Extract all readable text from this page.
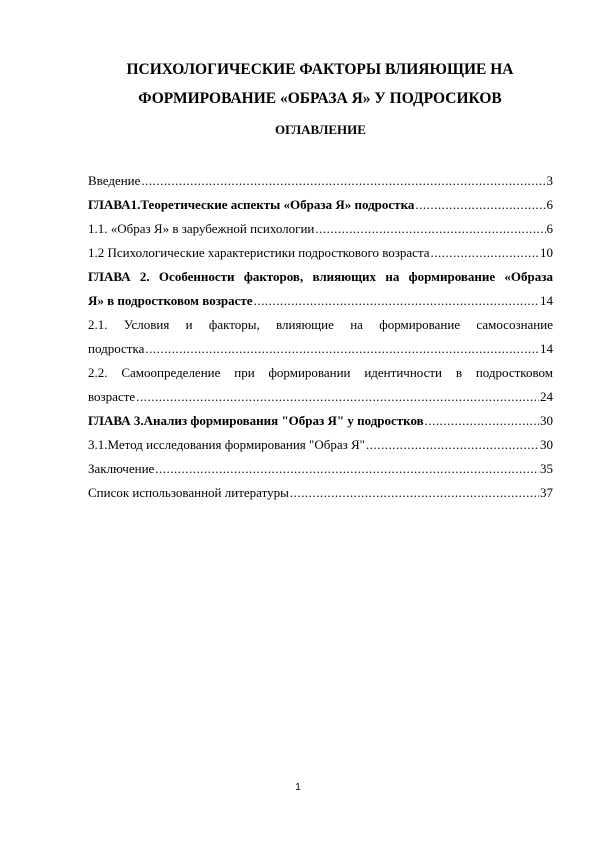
ПСИХОЛОГИЧЕСКИЕ ФАКТОРЫ ВЛИЯЮЩИЕ НА
ФОРМИРОВАНИЕ «ОБРАЗА Я» У ПОДРОСИКОВ
ОГЛАВЛЕНИЕ
Введение .....	3
ГЛАВА1.Теоретические аспекты «Образа Я» подростка .....	6
1.1. «Образ Я» в зарубежной психологии .....	6
1.2 Психологические характеристики подросткового возраста .....	10
ГЛАВА 2. Особенности факторов, влияющих на формирование «Образа
Я» в подростковом возрасте .....	14
2.1. Условия и факторы, влияющие на формирование самосознание
подростка .....	14
2.2. Самоопределение при формировании идентичности в подростковом
возрасте .....	24
ГЛАВА 3.Анализ формирования "Образ Я" у подростков .....	30
3.1.Метод исследования формирования "Образ Я" .....	30
Заключение .....	35
Список использованной литературы .....	37
1
